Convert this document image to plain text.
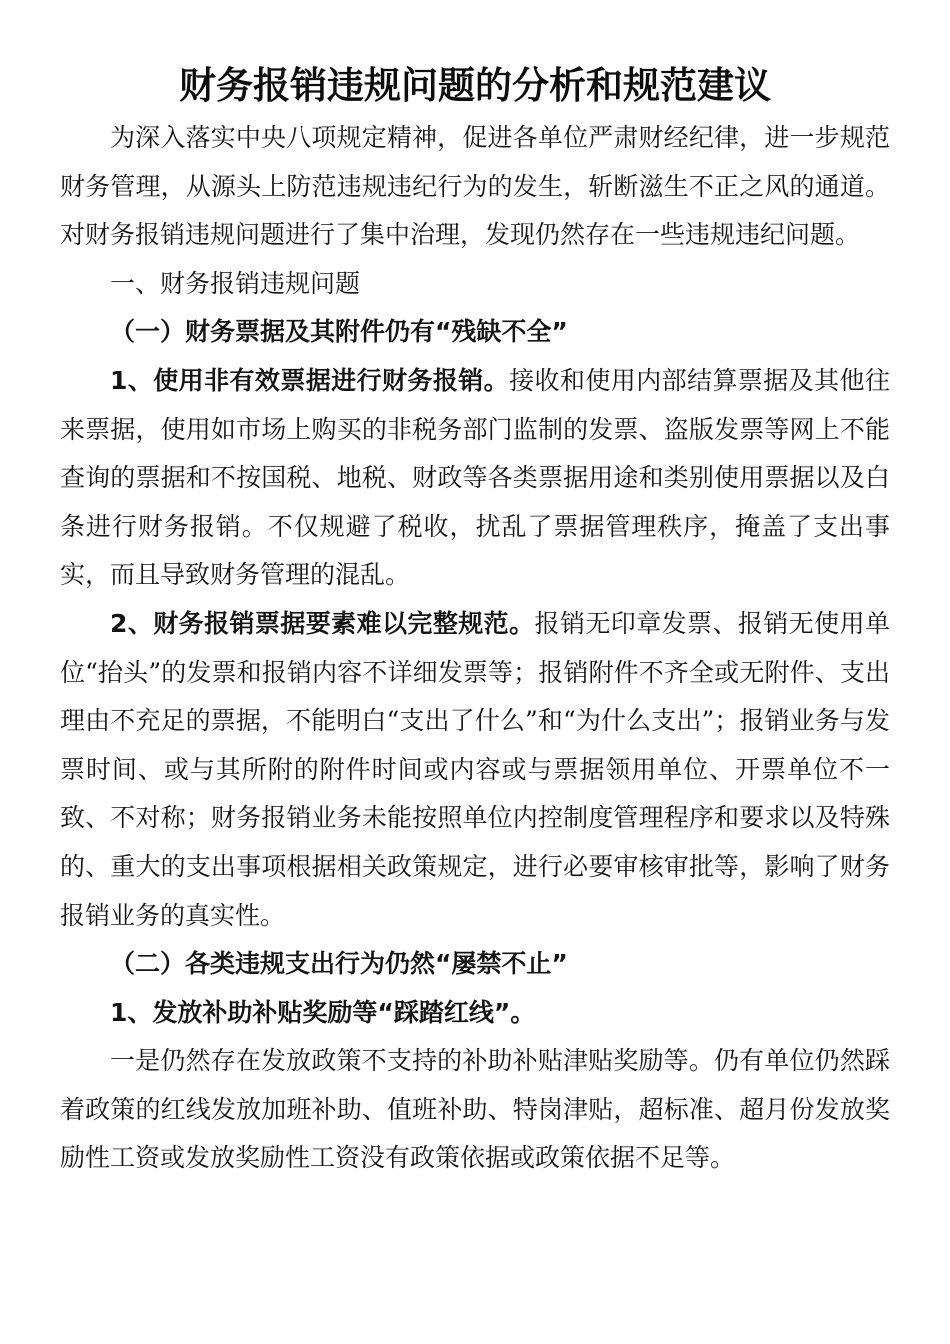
财务报销违规问题的分析和规范建议

为深入落实中央八项规定精神，促进各单位严肃财经纪律，进一步规范财务管理，从源头上防范违规违纪行为的发生，斩断滋生不正之风的通道。对财务报销违规问题进行了集中治理，发现仍然存在一些违规违纪问题。

一、财务报销违规问题

（一）财务票据及其附件仍有“残缺不全”

1、使用非有效票据进行财务报销。接收和使用内部结算票据及其他往来票据，使用如市场上购买的非税务部门监制的发票、盗版发票等网上不能查询的票据和不按国税、地税、财政等各类票据用途和类别使用票据以及白条进行财务报销。不仅规避了税收，扰乱了票据管理秩序，掩盖了支出事实，而且导致财务管理的混乱。

2、财务报销票据要素难以完整规范。报销无印章发票、报销无使用单位“抬头”的发票和报销内容不详细发票等；报销附件不齐全或无附件、支出理由不充足的票据，不能明白“支出了什么”和“为什么支出”；报销业务与发票时间、或与其所附的附件时间或内容或与票据领用单位、开票单位不一致、不对称；财务报销业务未能按照单位内控制度管理程序和要求以及特殊的、重大的支出事项根据相关政策规定，进行必要审核审批等，影响了财务报销业务的真实性。

（二）各类违规支出行为仍然“屡禁不止”

1、发放补助补贴奖励等“踩踏红线”。

一是仍然存在发放政策不支持的补助补贴津贴奖励等。仍有单位仍然踩着政策的红线发放加班补助、值班补助、特岗津贴，超标准、超月份发放奖励性工资或发放奖励性工资没有政策依据或政策依据不足等。
